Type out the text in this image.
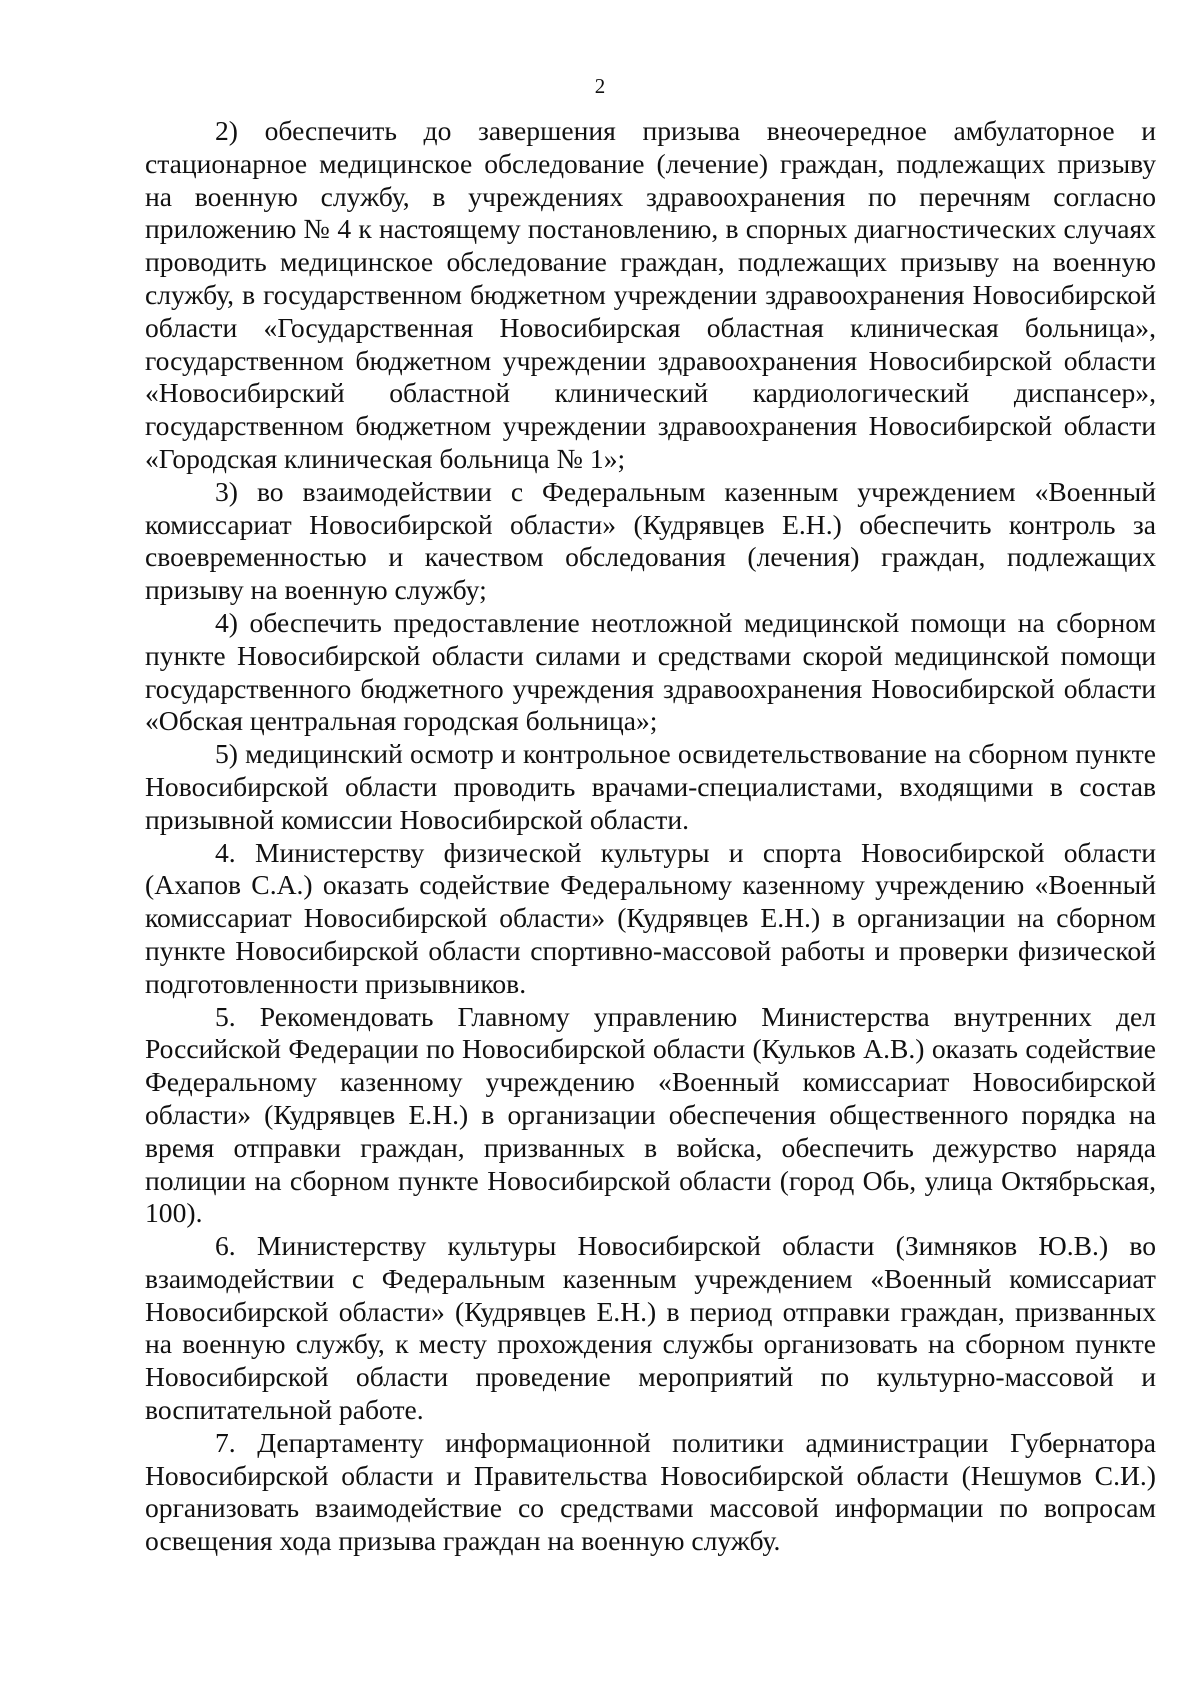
2

2) обеспечить до завершения призыва внеочередное амбулаторное и стационарное медицинское обследование (лечение) граждан, подлежащих призыву на военную службу, в учреждениях здравоохранения по перечням согласно приложению № 4 к настоящему постановлению, в спорных диагностических случаях проводить медицинское обследование граждан, подлежащих призыву на военную службу, в государственном бюджетном учреждении здравоохранения Новосибирской области «Государственная Новосибирская областная клиническая больница», государственном бюджетном учреждении здравоохранения Новосибирской области «Новосибирский областной клинический кардиологический диспансер», государственном бюджетном учреждении здравоохранения Новосибирской области «Городская клиническая больница № 1»;

3) во взаимодействии с Федеральным казенным учреждением «Военный комиссариат Новосибирской области» (Кудрявцев Е.Н.) обеспечить контроль за своевременностью и качеством обследования (лечения) граждан, подлежащих призыву на военную службу;

4) обеспечить предоставление неотложной медицинской помощи на сборном пункте Новосибирской области силами и средствами скорой медицинской помощи государственного бюджетного учреждения здравоохранения Новосибирской области «Обская центральная городская больница»;

5) медицинский осмотр и контрольное освидетельствование на сборном пункте Новосибирской области проводить врачами-специалистами, входящими в состав призывной комиссии Новосибирской области.

4. Министерству физической культуры и спорта Новосибирской области (Ахапов С.А.) оказать содействие Федеральному казенному учреждению «Военный комиссариат Новосибирской области» (Кудрявцев Е.Н.) в организации на сборном пункте Новосибирской области спортивно-массовой работы и проверки физической подготовленности призывников.

5. Рекомендовать Главному управлению Министерства внутренних дел Российской Федерации по Новосибирской области (Кульков А.В.) оказать содействие Федеральному казенному учреждению «Военный комиссариат Новосибирской области» (Кудрявцев Е.Н.) в организации обеспечения общественного порядка на время отправки граждан, призванных в войска, обеспечить дежурство наряда полиции на сборном пункте Новосибирской области (город Обь, улица Октябрьская, 100).

6. Министерству культуры Новосибирской области (Зимняков Ю.В.) во взаимодействии с Федеральным казенным учреждением «Военный комиссариат Новосибирской области» (Кудрявцев Е.Н.) в период отправки граждан, призванных на военную службу, к месту прохождения службы организовать на сборном пункте Новосибирской области проведение мероприятий по культурно-массовой и воспитательной работе.

7. Департаменту информационной политики администрации Губернатора Новосибирской области и Правительства Новосибирской области (Нешумов С.И.) организовать взаимодействие со средствами массовой информации по вопросам освещения хода призыва граждан на военную службу.
